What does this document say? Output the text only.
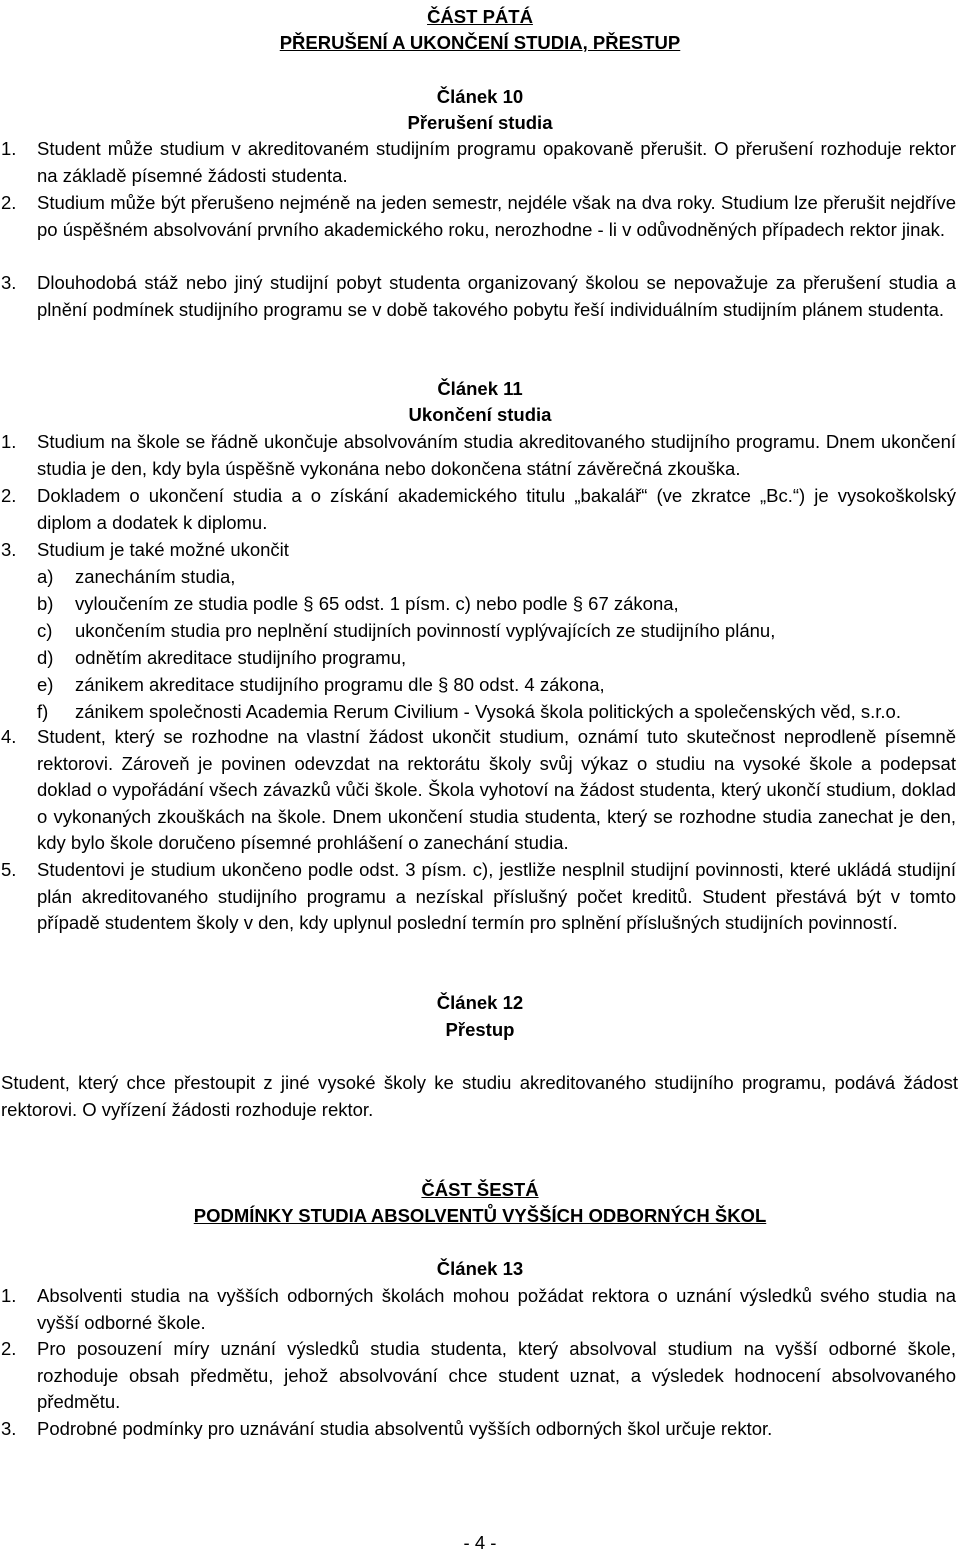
ČÁST PÁTÁ
PŘERUŠENÍ A UKONČENÍ STUDIA, PŘESTUP
Článek 10
Přerušení studia
1.	Student může studium v akreditovaném studijním programu opakovaně přerušit. O přerušení rozhoduje rektor na základě písemné žádosti studenta.
2.	Studium může být přerušeno nejméně na jeden semestr, nejdéle však na dva roky. Studium lze přerušit nejdříve po úspěšném absolvování prvního akademického roku, nerozhodne - li v odůvodněných případech rektor jinak.
3.	Dlouhodobá stáž nebo jiný studijní pobyt studenta organizovaný školou se nepovažuje za přerušení studia a plnění podmínek studijního programu se v době takového pobytu řeší individuálním studijním plánem studenta.
Článek 11
Ukončení studia
1.	Studium na škole se řádně ukončuje absolvováním studia akreditovaného studijního programu. Dnem ukončení studia je den, kdy byla úspěšně vykonána nebo dokončena státní závěrečná zkouška.
2.	Dokladem o ukončení studia a o získání akademického titulu „bakalář“ (ve zkratce „Bc.“) je vysokoškolský diplom a dodatek k diplomu.
3.	Studium je také možné ukončit
a)	zanecháním studia,
b)	vyloučením ze studia podle § 65 odst. 1 písm. c) nebo podle § 67 zákona,
c)	ukončením studia pro neplnění studijních povinností vyplývajících ze studijního plánu,
d)	odnětím akreditace studijního programu,
e)	zánikem akreditace studijního programu dle § 80 odst. 4 zákona,
f)	zánikem společnosti Academia Rerum Civilium - Vysoká škola politických a společenských věd, s.r.o.
4.	Student, který se rozhodne na vlastní žádost ukončit studium, oznámí tuto skutečnost neprodleně písemně rektorovi. Zároveň je povinen odevzdat na rektorátu školy svůj výkaz o studiu na vysoké škole a podepsat doklad o vypořádání všech závazků vůči škole. Škola vyhotoví na žádost studenta, který ukončí studium, doklad o vykonaných zkouškách na škole. Dnem ukončení studia studenta, který se rozhodne studia zanechat je den, kdy bylo škole doručeno písemné prohlášení o zanechání studia.
5.	Studentovi je studium ukončeno podle odst. 3 písm. c), jestliže nesplnil studijní povinnosti, které ukládá studijní plán akreditovaného studijního programu a nezískal příslušný počet kreditů. Student přestává být v tomto případě studentem školy v den, kdy uplynul poslední termín pro splnění příslušných studijních povinností.
Článek 12
Přestup
Student, který chce přestoupit z jiné vysoké školy ke studiu akreditovaného studijního programu, podává žádost rektorovi. O vyřízení žádosti rozhoduje rektor.
ČÁST ŠESTÁ
PODMÍNKY STUDIA ABSOLVENTŮ VYŠŠÍCH ODBORNÝCH ŠKOL
Článek 13
1.	Absolventi studia na vyšších odborných školách mohou požádat rektora o uznání výsledků svého studia na vyšší odborné škole.
2.	Pro posouzení míry uznání výsledků studia studenta, který absolvoval studium na vyšší odborné škole, rozhoduje obsah předmětu, jehož absolvování chce student uznat, a výsledek hodnocení absolvovaného předmětu.
3.	Podrobné podmínky pro uznávání studia absolventů vyšších odborných škol určuje rektor.
- 4 -
